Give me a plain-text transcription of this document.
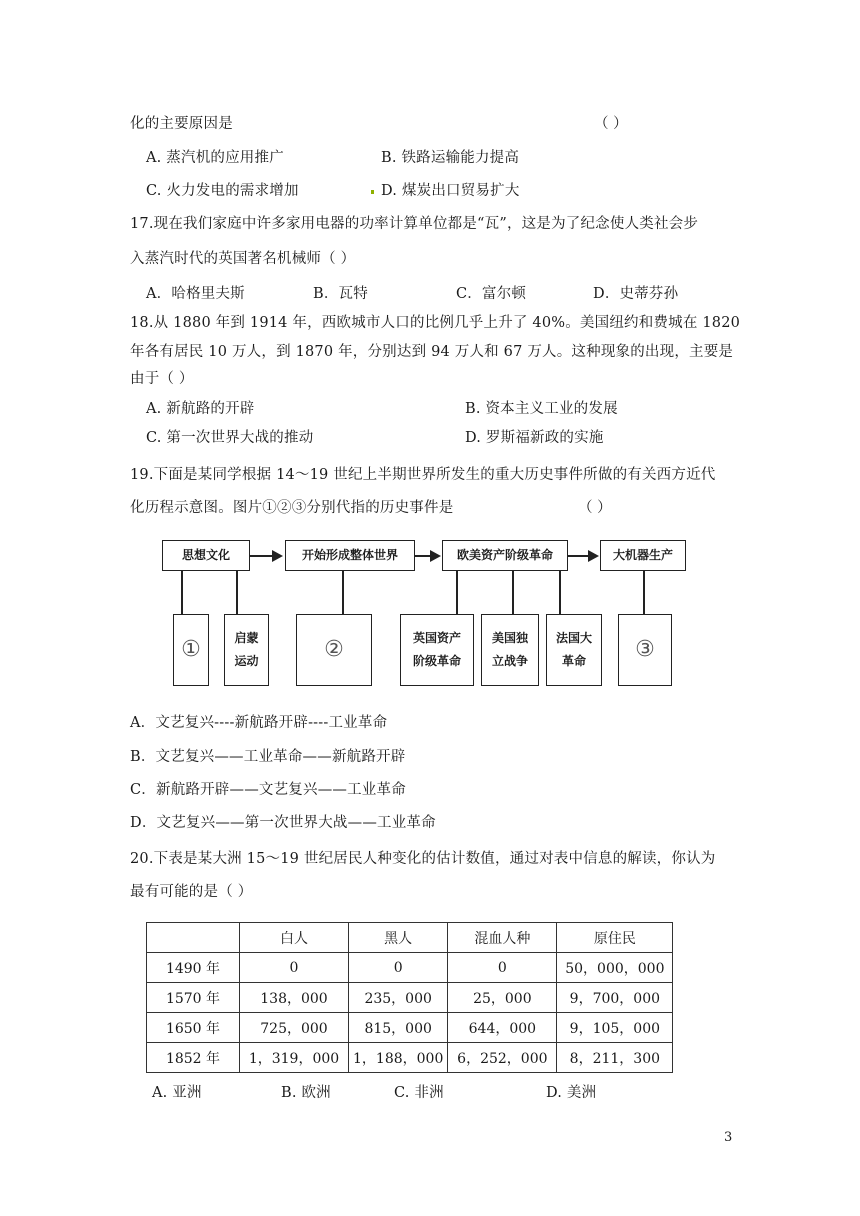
化的主要原因是	（ ）
A. 蒸汽机的应用推广	B. 铁路运输能力提高
C. 火力发电的需求增加	D. 煤炭出口贸易扩大
17.现在我们家庭中许多家用电器的功率计算单位都是“瓦”，这是为了纪念使人类社会步
入蒸汽时代的英国著名机械师（ ）
A．哈格里夫斯	B．瓦特	C．富尔顿	D．史蒂芬孙
18.从 1880 年到 1914 年，西欧城市人口的比例几乎上升了 40%。美国纽约和费城在 1820
年各有居民 10 万人，到 1870 年，分别达到 94 万人和 67 万人。这种现象的出现，主要是
由于（ ）
A. 新航路的开辟	B. 资本主义工业的发展
C. 第一次世界大战的推动	D. 罗斯福新政的实施
19.下面是某同学根据 14～19 世纪上半期世界所发生的重大历史事件所做的有关西方近代
化历程示意图。图片①②③分别代指的历史事件是	（ ）
思想文化	开始形成整体世界	欧美资产阶级革命	大机器生产
①	启蒙
运动	②	英国资产
阶级革命
美国独
立战争
法国大
革命	③
A．文艺复兴----新航路开辟----工业革命
B．文艺复兴——工业革命——新航路开辟
C．新航路开辟——文艺复兴——工业革命
D．文艺复兴——第一次世界大战——工业革命
20.下表是某大洲 15～19 世纪居民人种变化的估计数值，通过对表中信息的解读，你认为
最有可能的是（ ）
	白人	黑人	混血人种	原住民
1490 年	0	0	0	50，000，000
1570 年	138，000	235，000	25，000	9，700，000
1650 年	725，000	815，000	644，000	9，105，000
1852 年	1，319，000	1，188，000	6，252，000	8，211，300
A. 亚洲	B. 欧洲	C. 非洲	D. 美洲
3
